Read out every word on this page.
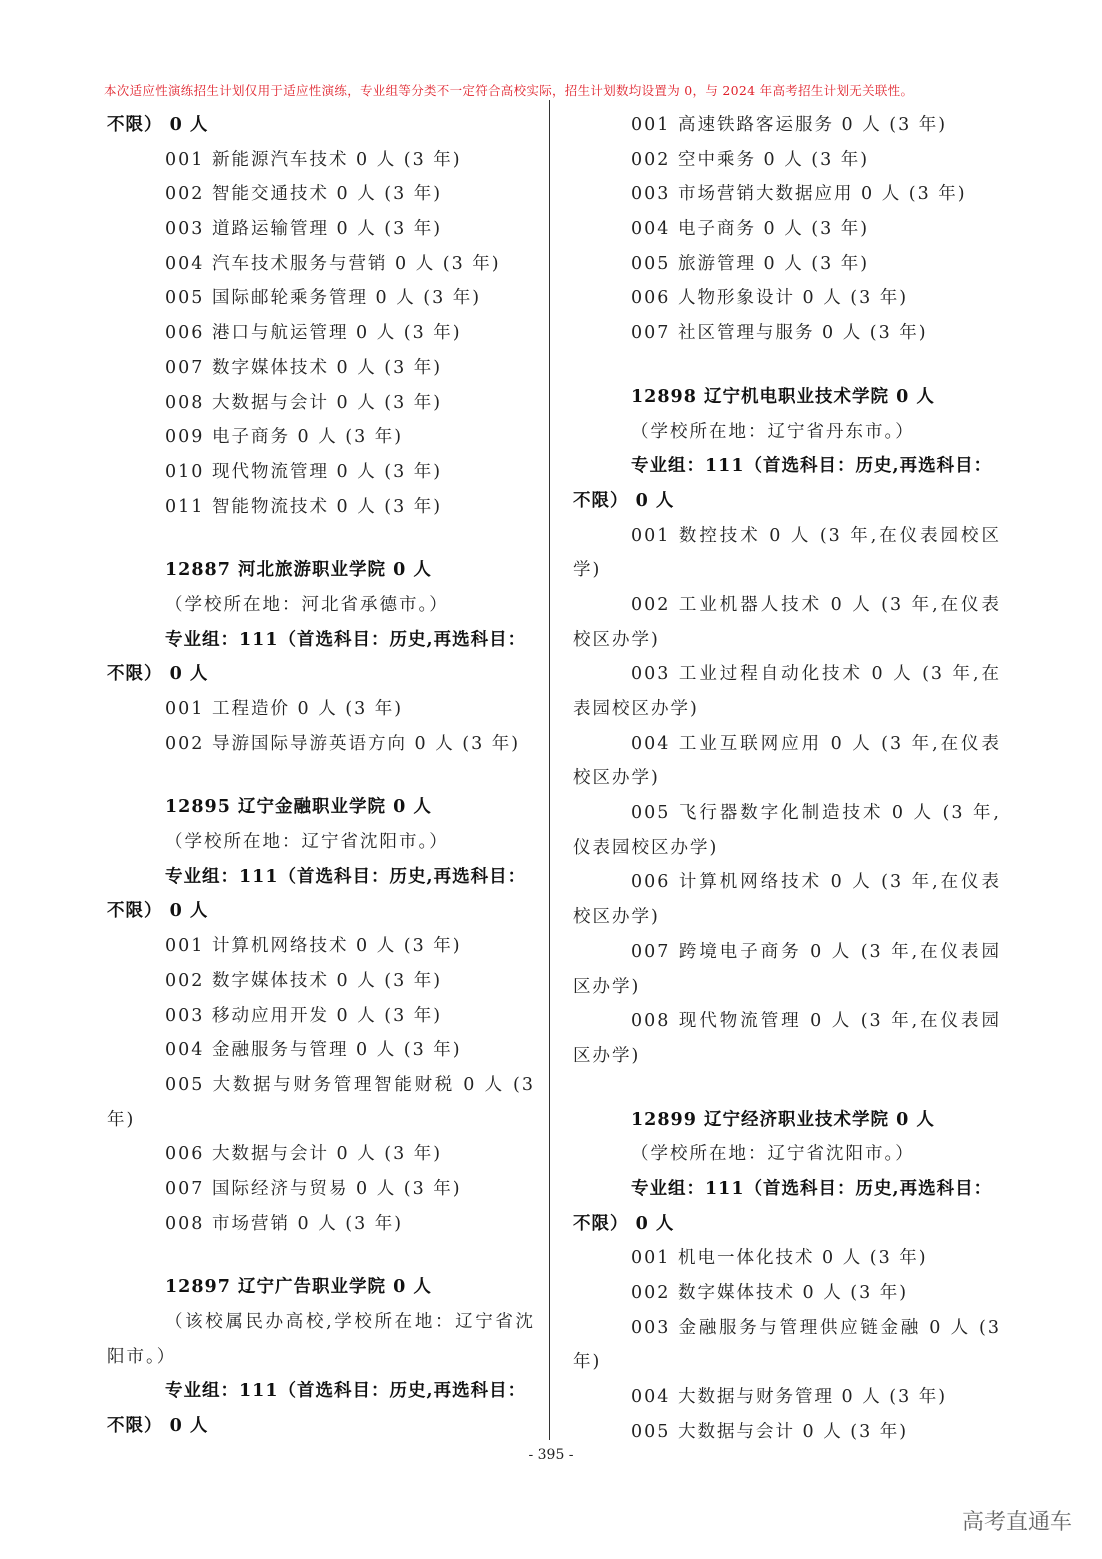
本次适应性演练招生计划仅用于适应性演练，专业组等分类不一定符合高校实际，招生计划数均设置为 0，与 2024 年高考招生计划无关联性。
不限） 0 人
001 新能源汽车技术 0 人 (3 年)
002 智能交通技术 0 人 (3 年)
003 道路运输管理 0 人 (3 年)
004 汽车技术服务与营销 0 人 (3 年)
005 国际邮轮乘务管理 0 人 (3 年)
006 港口与航运管理 0 人 (3 年)
007 数字媒体技术 0 人 (3 年)
008 大数据与会计 0 人 (3 年)
009 电子商务 0 人 (3 年)
010 现代物流管理 0 人 (3 年)
011 智能物流技术 0 人 (3 年)
12887 河北旅游职业学院 0 人
（学校所在地：河北省承德市。）
专业组：111（首选科目：历史,再选科目：
不限） 0 人
001 工程造价 0 人 (3 年)
002 导游国际导游英语方向 0 人 (3 年)
12895 辽宁金融职业学院 0 人
（学校所在地：辽宁省沈阳市。）
专业组：111（首选科目：历史,再选科目：
不限） 0 人
001 计算机网络技术 0 人 (3 年)
002 数字媒体技术 0 人 (3 年)
003 移动应用开发 0 人 (3 年)
004 金融服务与管理 0 人 (3 年)
005 大数据与财务管理智能财税 0 人 (3
年)
006 大数据与会计 0 人 (3 年)
007 国际经济与贸易 0 人 (3 年)
008 市场营销 0 人 (3 年)
12897 辽宁广告职业学院 0 人
（该校属民办高校,学校所在地：辽宁省沈
阳市。）
专业组：111（首选科目：历史,再选科目：
不限） 0 人
001 高速铁路客运服务 0 人 (3 年)
002 空中乘务 0 人 (3 年)
003 市场营销大数据应用 0 人 (3 年)
004 电子商务 0 人 (3 年)
005 旅游管理 0 人 (3 年)
006 人物形象设计 0 人 (3 年)
007 社区管理与服务 0 人 (3 年)
12898 辽宁机电职业技术学院 0 人
（学校所在地：辽宁省丹东市。）
专业组：111（首选科目：历史,再选科目：
不限） 0 人
001 数控技术 0 人 (3 年,在仪表园校区
学)
002 工业机器人技术 0 人 (3 年,在仪表
校区办学)
003 工业过程自动化技术 0 人 (3 年,在
表园校区办学)
004 工业互联网应用 0 人 (3 年,在仪表
校区办学)
005 飞行器数字化制造技术 0 人 (3 年,
仪表园校区办学)
006 计算机网络技术 0 人 (3 年,在仪表
校区办学)
007 跨境电子商务 0 人 (3 年,在仪表园
区办学)
008 现代物流管理 0 人 (3 年,在仪表园
区办学)
12899 辽宁经济职业技术学院 0 人
（学校所在地：辽宁省沈阳市。）
专业组：111（首选科目：历史,再选科目：
不限） 0 人
001 机电一体化技术 0 人 (3 年)
002 数字媒体技术 0 人 (3 年)
003 金融服务与管理供应链金融 0 人 (3
年)
004 大数据与财务管理 0 人 (3 年)
005 大数据与会计 0 人 (3 年)
- 395 -
高考直通车
